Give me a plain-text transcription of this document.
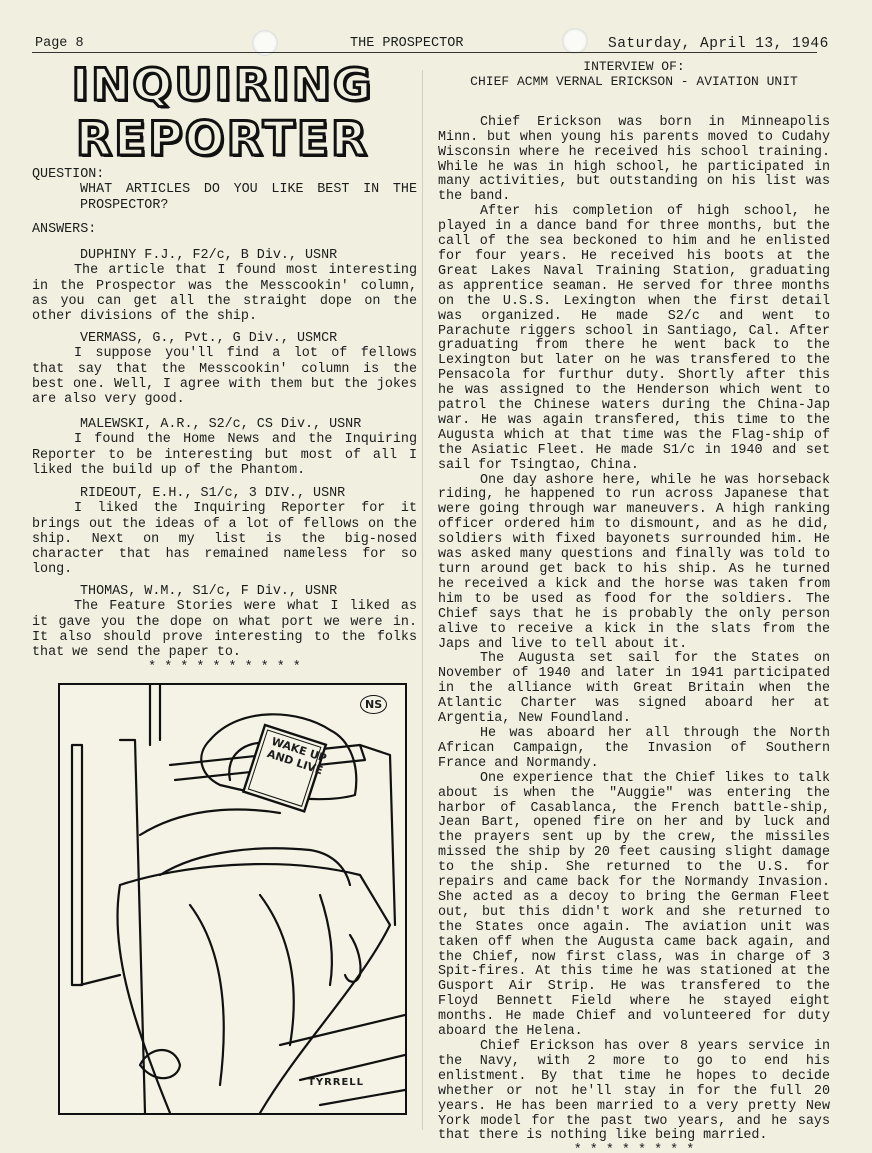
Page 8	THE PROSPECTOR	Saturday, April 13, 1946
INQUIRING
REPORTER

QUESTION:

WHAT ARTICLES DO YOU LIKE BEST IN THE PROSPECTOR?

ANSWERS:

DUPHINY F.J., F2/c, B Div., USNR

The article that I found most interesting in the Prospector was the Messcookin' column, as you can get all the straight dope on the other divisions of the ship.

VERMASS, G., Pvt., G Div., USMCR

I suppose you'll find a lot of fellows that say that the Messcookin' column is the best one. Well, I agree with them but the jokes are also very good.

MALEWSKI, A.R., S2/c, CS Div., USNR

I found the Home News and the Inquiring Reporter to be interesting but most of all I liked the build up of the Phantom.

RIDEOUT, E.H., S1/c, 3 DIV., USNR

I liked the Inquiring Reporter for it brings out the ideas of a lot of fellows on the ship. Next on my list is the big-nosed character that has remained nameless for so long.

THOMAS, W.M., S1/c, F Div., USNR

The Feature Stories were what I liked as it gave you the dope on what port we were in. It also should prove interesting to the folks that we send the paper to.

* * * * * * * * * *

WAKE UP AND LIVE
NS
TYRRELL

INTERVIEW OF:

CHIEF ACMM VERNAL ERICKSON - AVIATION UNIT

Chief Erickson was born in Minneapolis Minn. but when young his parents moved to Cudahy Wisconsin where he received his school training. While he was in high school, he participated in many activities, but outstanding on his list was the band.

After his completion of high school, he played in a dance band for three months, but the call of the sea beckoned to him and he enlisted for four years. He received his boots at the Great Lakes Naval Training Station, graduating as apprentice seaman. He served for three months on the U.S.S. Lexington when the first detail was organized. He made S2/c and went to Parachute riggers school in Santiago, Cal. After graduating from there he went back to the Lexington but later on he was transfered to the Pensacola for furthur duty. Shortly after this he was assigned to the Henderson which went to patrol the Chinese waters during the China-Jap war. He was again transfered, this time to the Augusta which at that time was the Flag-ship of the Asiatic Fleet. He made S1/c in 1940 and set sail for Tsingtao, China.

One day ashore here, while he was horseback riding, he happened to run across Japanese that were going through war maneuvers. A high ranking officer ordered him to dismount, and as he did, soldiers with fixed bayonets surrounded him. He was asked many questions and finally was told to turn around get back to his ship. As he turned he received a kick and the horse was taken from him to be used as food for the soldiers. The Chief says that he is probably the only person alive to receive a kick in the slats from the Japs and live to tell about it.

The Augusta set sail for the States on November of 1940 and later in 1941 participated in the alliance with Great Britain when the Atlantic Charter was signed aboard her at Argentia, New Foundland.

He was aboard her all through the North African Campaign, the Invasion of Southern France and Normandy.

One experience that the Chief likes to talk about is when the "Auggie" was entering the harbor of Casablanca, the French battle-ship, Jean Bart, opened fire on her and by luck and the prayers sent up by the crew, the missiles missed the ship by 20 feet causing slight damage to the ship. She returned to the U.S. for repairs and came back for the Normandy Invasion. She acted as a decoy to bring the German Fleet out, but this didn't work and she returned to the States once again. The aviation unit was taken off when the Augusta came back again, and the Chief, now first class, was in charge of 3 Spit-fires. At this time he was stationed at the Gusport Air Strip. He was transfered to the Floyd Bennett Field where he stayed eight months. He made Chief and volunteered for duty aboard the Helena.

Chief Erickson has over 8 years service in the Navy, with 2 more to go to end his enlistment. By that time he hopes to decide whether or not he'll stay in for the full 20 years. He has been married to a very pretty New York model for the past two years, and he says that there is nothing like being married.

* * * * * * * *
